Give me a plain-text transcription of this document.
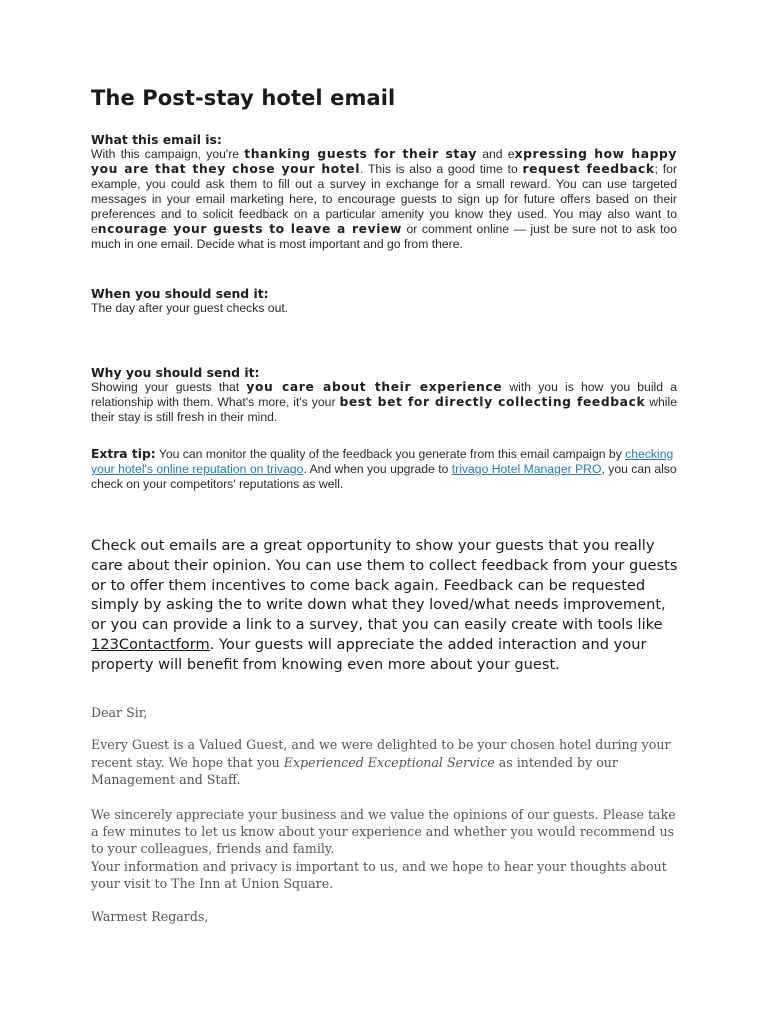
The Post-stay hotel email

What this email is:

With this campaign, you're thanking guests for their stay and expressing how happy you are that they chose your hotel. This is also a good time to request feedback; for example, you could ask them to fill out a survey in exchange for a small reward. You can use targeted messages in your email marketing here, to encourage guests to sign up for future offers based on their preferences and to solicit feedback on a particular amenity you know they used. You may also want to encourage your guests to leave a review or comment online — just be sure not to ask too much in one email. Decide what is most important and go from there.

When you should send it:

The day after your guest checks out.

Why you should send it:

Showing your guests that you care about their experience with you is how you build a relationship with them. What's more, it's your best bet for directly collecting feedback while their stay is still fresh in their mind.

Extra tip: You can monitor the quality of the feedback you generate from this email campaign by checking your hotel's online reputation on trivago. And when you upgrade to trivago Hotel Manager PRO, you can also check on your competitors' reputations as well.

Check out emails are a great opportunity to show your guests that you really care about their opinion. You can use them to collect feedback from your guests or to offer them incentives to come back again. Feedback can be requested simply by asking the to write down what they loved/what needs improvement, or you can provide a link to a survey, that you can easily create with tools like 123Contactform. Your guests will appreciate the added interaction and your property will benefit from knowing even more about your guest.

Dear Sir,

Every Guest is a Valued Guest, and we were delighted to be your chosen hotel during your recent stay. We hope that you Experienced Exceptional Service as intended by our Management and Staff.

We sincerely appreciate your business and we value the opinions of our guests. Please take a few minutes to let us know about your experience and whether you would recommend us to your colleagues, friends and family.

Your information and privacy is important to us, and we hope to hear your thoughts about your visit to The Inn at Union Square.

Warmest Regards,
